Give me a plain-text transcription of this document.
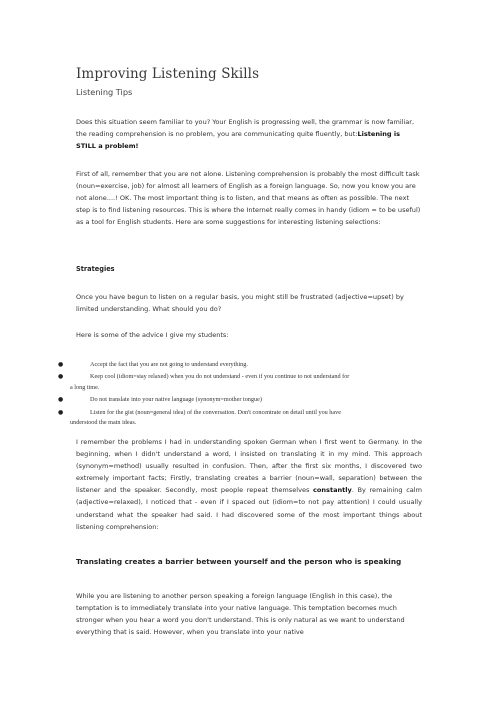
Improving Listening Skills
Listening Tips
Does this situation seem familiar to you? Your English is progressing well, the grammar is now familiar, the reading comprehension is no problem, you are communicating quite fluently, but:Listening is STILL a problem!
First of all, remember that you are not alone. Listening comprehension is probably the most difficult task (noun=exercise, job) for almost all learners of English as a foreign language. So, now you know you are not alone....! OK. The most important thing is to listen, and that means as often as possible. The next step is to find listening resources. This is where the Internet really comes in handy (idiom = to be useful) as a tool for English students. Here are some suggestions for interesting listening selections:
Strategies
Once you have begun to listen on a regular basis, you might still be frustrated (adjective=upset) by limited understanding. What should you do?
Here is some of the advice I give my students:
●	Accept the fact that you are not going to understand everything.
●	Keep cool (idiom=stay relaxed) when you do not understand - even if you continue to not understand for
a long time.
●	Do not translate into your native language (synonym=mother tongue)
●	Listen for the gist (noun=general idea) of the conversation. Don't concentrate on detail until you have
understood the main ideas.
I remember the problems I had in understanding spoken German when I first went to Germany. In the beginning, when I didn't understand a word, I insisted on translating it in my mind. This approach (synonym=method) usually resulted in confusion. Then, after the first six months, I discovered two extremely important facts; Firstly, translating creates a barrier (noun=wall, separation) between the listener and the speaker. Secondly, most people repeat themselves constantly. By remaining calm (adjective=relaxed), I noticed that - even if I spaced out (idiom=to not pay attention) I could usually understand what the speaker had said. I had discovered some of the most important things about listening comprehension:
Translating creates a barrier between yourself and the person who is speaking
While you are listening to another person speaking a foreign language (English in this case), the temptation is to immediately translate into your native language. This temptation becomes much stronger when you hear a word you don't understand. This is only natural as we want to understand everything that is said. However, when you translate into your native
